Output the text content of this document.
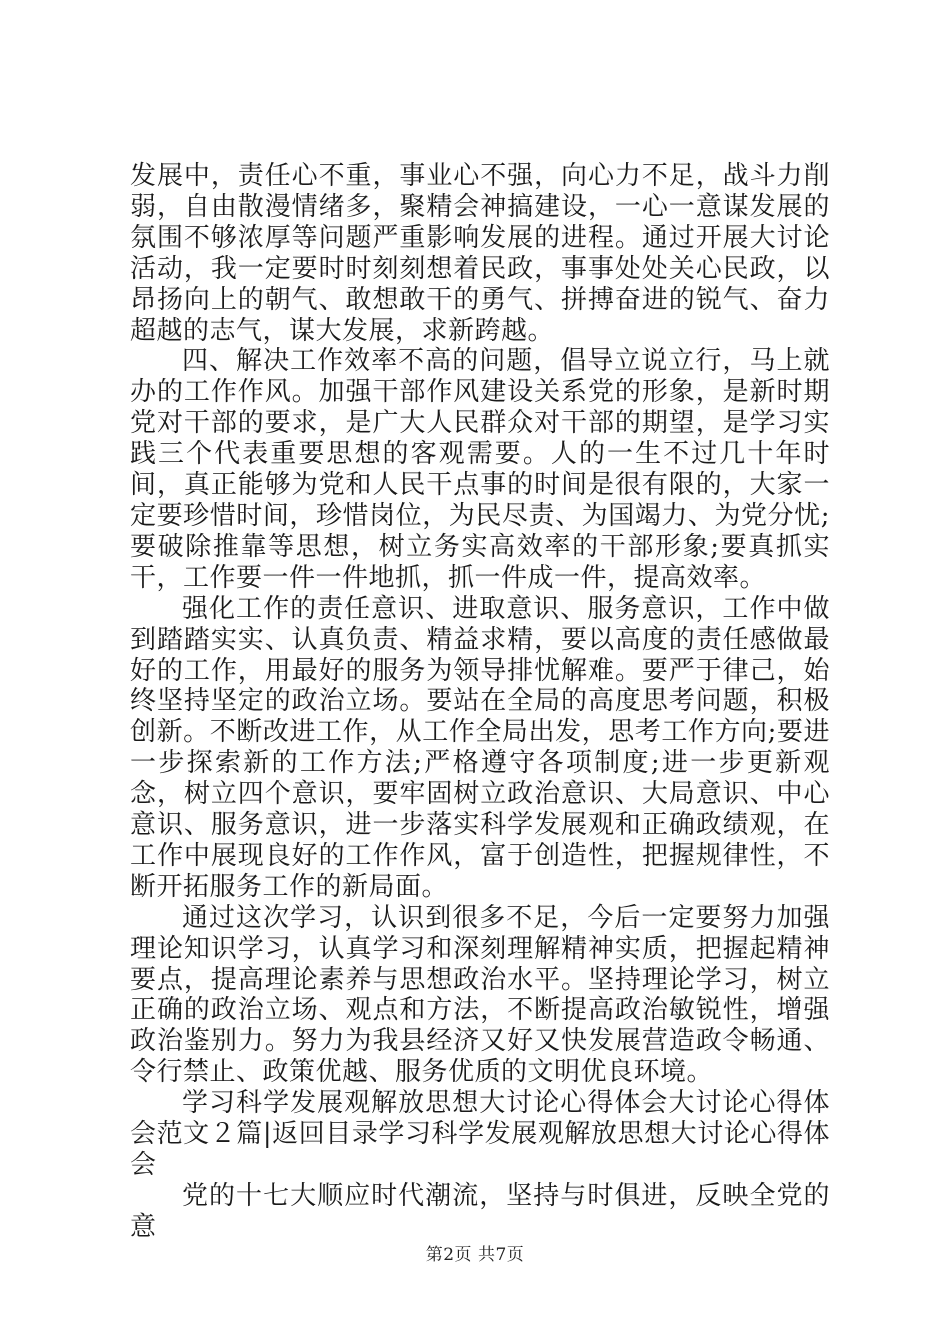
发展中，责任心不重，事业心不强，向心力不足，战斗力削弱，自由散漫情绪多，聚精会神搞建设，一心一意谋发展的氛围不够浓厚等问题严重影响发展的进程。通过开展大讨论活动，我一定要时时刻刻想着民政，事事处处关心民政，以昂扬向上的朝气、敢想敢干的勇气、拼搏奋进的锐气、奋力超越的志气，谋大发展，求新跨越。

四、解决工作效率不高的问题，倡导立说立行，马上就办的工作作风。加强干部作风建设关系党的形象，是新时期党对干部的要求，是广大人民群众对干部的期望，是学习实践三个代表重要思想的客观需要。人的一生不过几十年时间，真正能够为党和人民干点事的时间是很有限的，大家一定要珍惜时间，珍惜岗位，为民尽责、为国竭力、为党分忧;要破除推靠等思想，树立务实高效率的干部形象;要真抓实干，工作要一件一件地抓，抓一件成一件，提高效率。

强化工作的责任意识、进取意识、服务意识，工作中做到踏踏实实、认真负责、精益求精，要以高度的责任感做最好的工作，用最好的服务为领导排忧解难。要严于律己，始终坚持坚定的政治立场。要站在全局的高度思考问题，积极创新。不断改进工作，从工作全局出发，思考工作方向;要进一步探索新的工作方法;严格遵守各项制度;进一步更新观念，树立四个意识，要牢固树立政治意识、大局意识、中心意识、服务意识，进一步落实科学发展观和正确政绩观，在工作中展现良好的工作作风，富于创造性，把握规律性，不断开拓服务工作的新局面。

通过这次学习，认识到很多不足，今后一定要努力加强理论知识学习，认真学习和深刻理解精神实质，把握起精神要点，提高理论素养与思想政治水平。坚持理论学习，树立正确的政治立场、观点和方法，不断提高政治敏锐性，增强政治鉴别力。努力为我县经济又好又快发展营造政令畅通、令行禁止、政策优越、服务优质的文明优良环境。

学习科学发展观解放思想大讨论心得体会大讨论心得体会范文２篇|返回目录学习科学发展观解放思想大讨论心得体会

党的十七大顺应时代潮流，坚持与时俱进，反映全党的意

第2页 共7页
